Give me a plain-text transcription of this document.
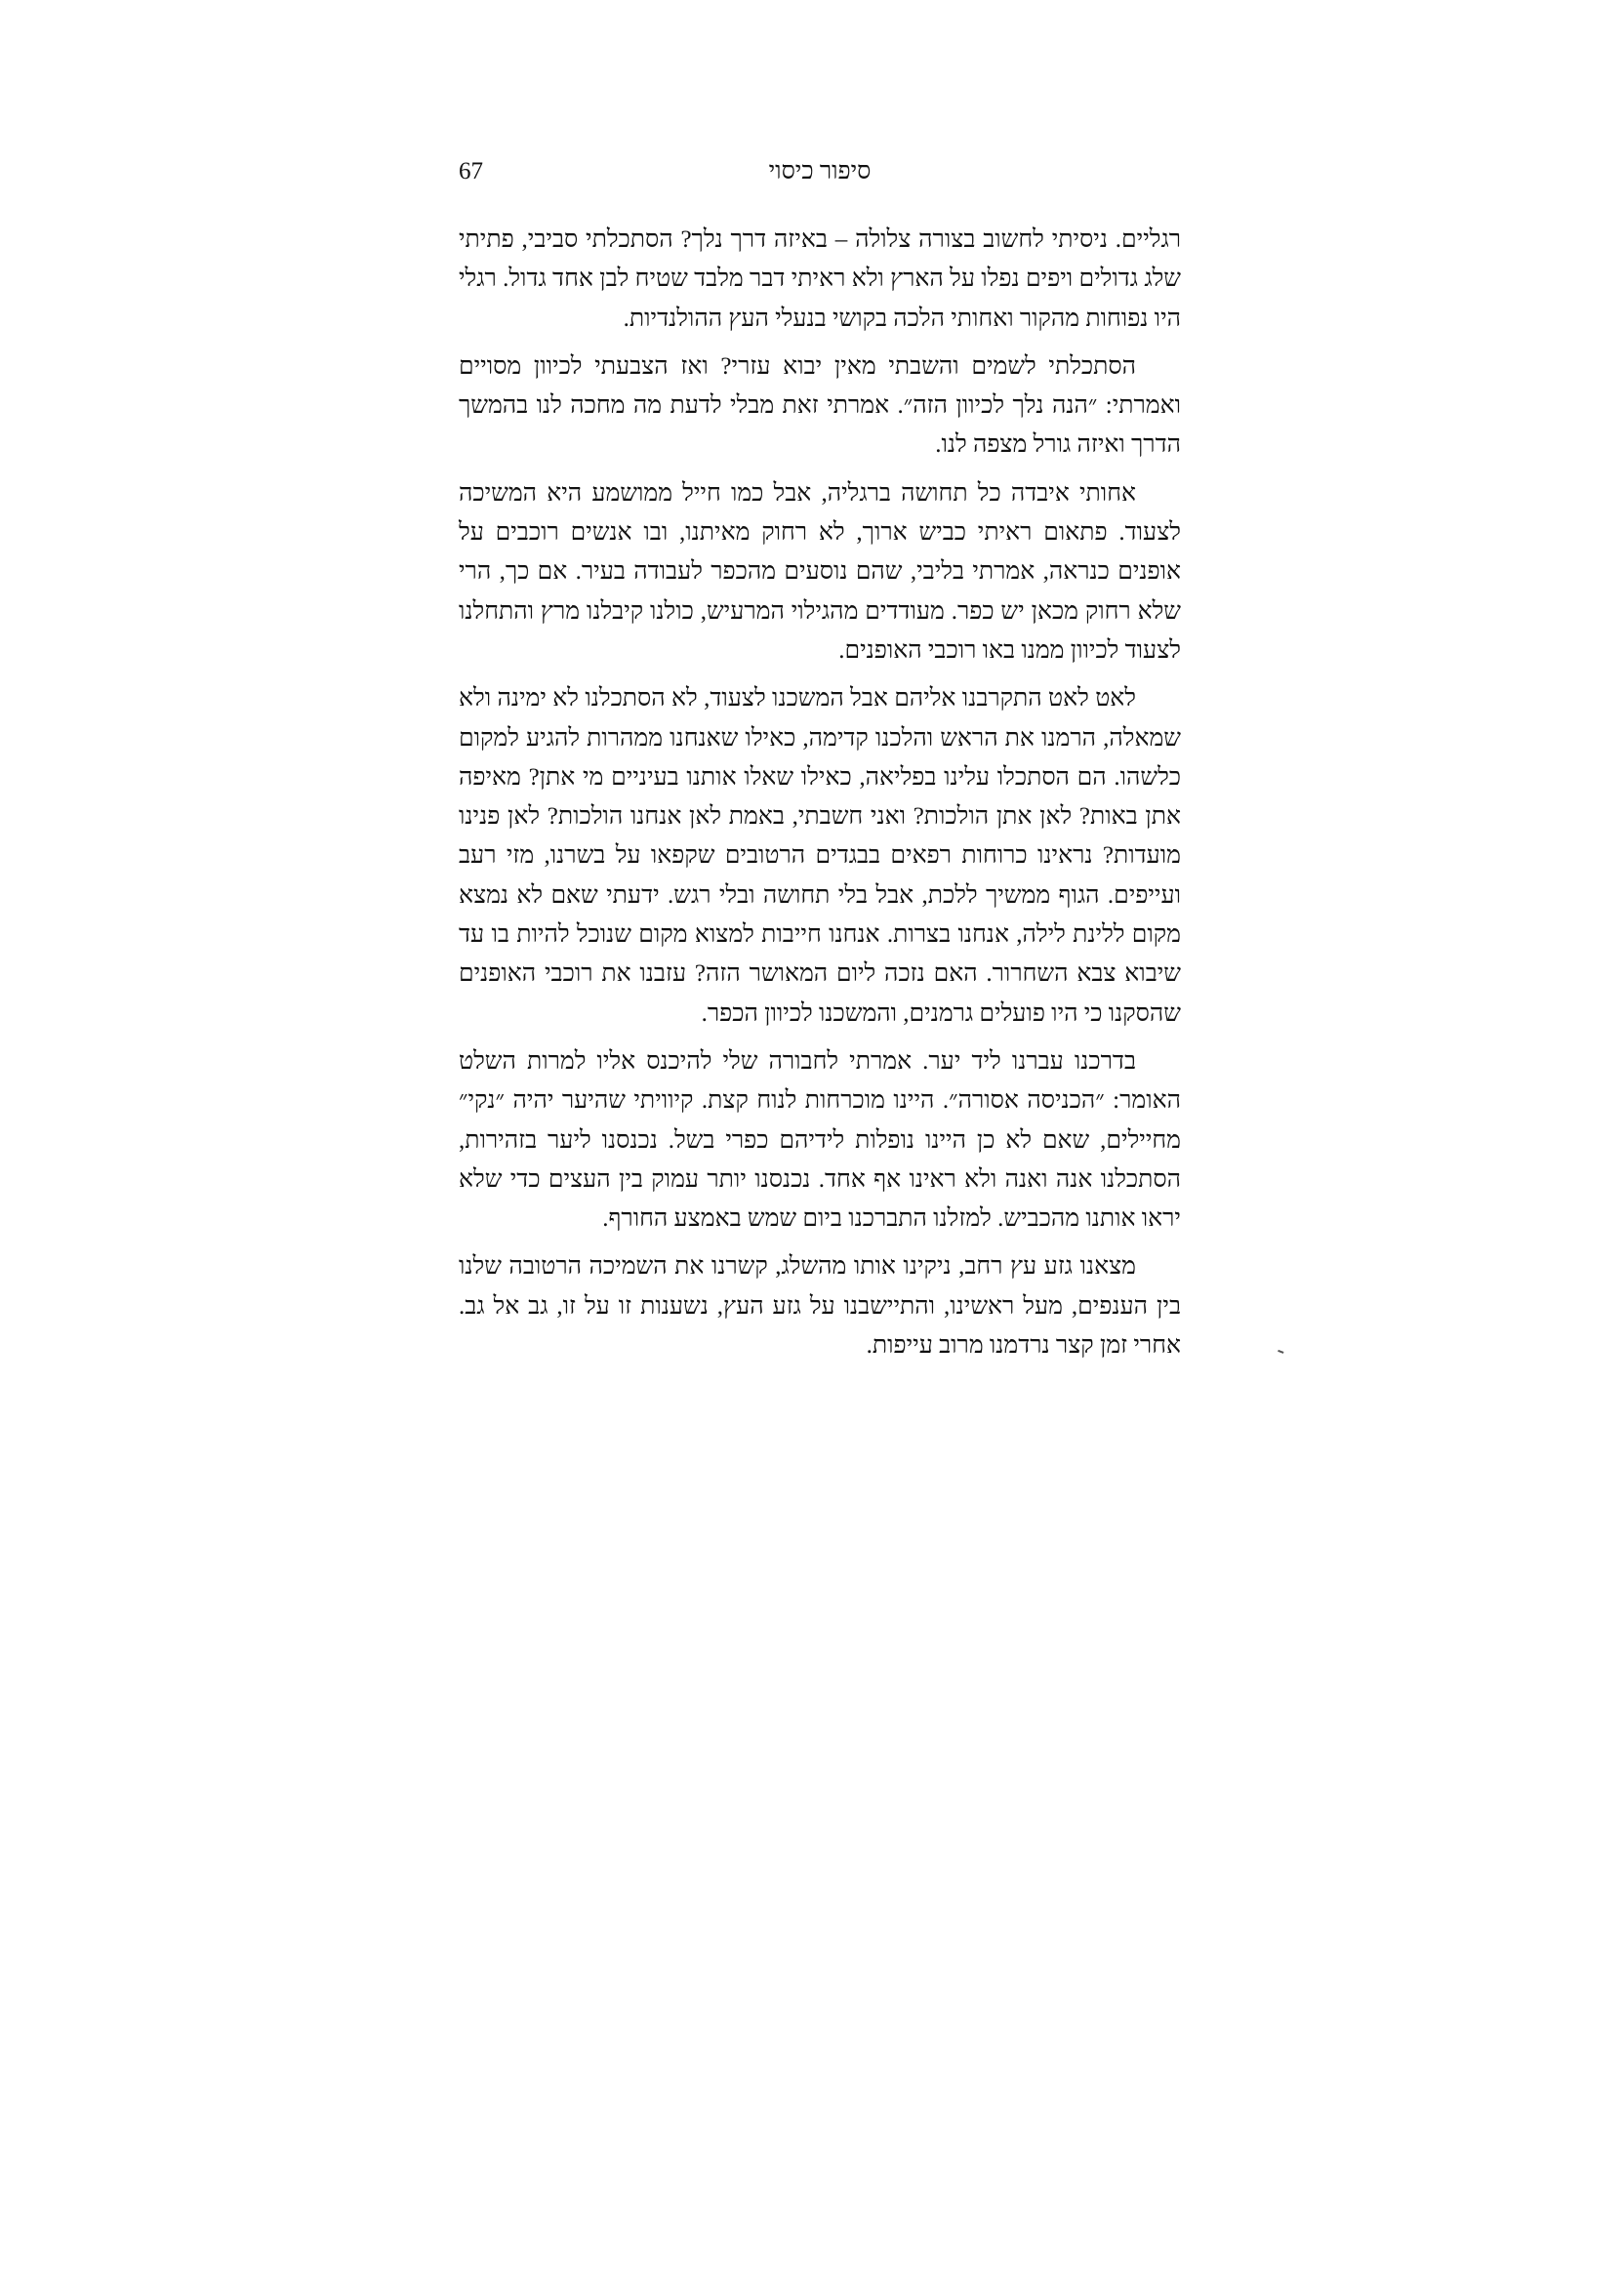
67	סיפור כיסוי

רגליים. ניסיתי לחשוב בצורה צלולה – באיזה דרך נלך? הסתכלתי סביבי, פתיתי שלג גדולים ויפים נפלו על הארץ ולא ראיתי דבר מלבד שטיח לבן אחד גדול. רגלי היו נפוחות מהקור ואחותי הלכה בקושי בנעלי העץ ההולנדיות.

הסתכלתי לשמים והשבתי מאין יבוא עזרי? ואז הצבעתי לכיוון מסויים ואמרתי: ״הנה נלך לכיוון הזה״. אמרתי זאת מבלי לדעת מה מחכה לנו בהמשך הדרך ואיזה גורל מצפה לנו.

אחותי איבדה כל תחושה ברגליה, אבל כמו חייל ממושמע היא המשיכה לצעוד. פתאום ראיתי כביש ארוך, לא רחוק מאיתנו, ובו אנשים רוכבים על אופנים כנראה, אמרתי בליבי, שהם נוסעים מהכפר לעבודה בעיר. אם כך, הרי שלא רחוק מכאן יש כפר. מעודדים מהגילוי המרעיש, כולנו קיבלנו מרץ והתחלנו לצעוד לכיוון ממנו באו רוכבי האופנים.

לאט לאט התקרבנו אליהם אבל המשכנו לצעוד, לא הסתכלנו לא ימינה ולא שמאלה, הרמנו את הראש והלכנו קדימה, כאילו שאנחנו ממהרות להגיע למקום כלשהו. הם הסתכלו עלינו בפליאה, כאילו שאלו אותנו בעיניים מי אתן? מאיפה אתן באות? לאן אתן הולכות? ואני חשבתי, באמת לאן אנחנו הולכות? לאן פנינו מועדות? נראינו כרוחות רפאים בבגדים הרטובים שקפאו על בשרנו, מזי רעב ועייפים. הגוף ממשיך ללכת, אבל בלי תחושה ובלי רגש. ידעתי שאם לא נמצא מקום ללינת לילה, אנחנו בצרות. אנחנו חייבות למצוא מקום שנוכל להיות בו עד שיבוא צבא השחרור. האם נזכה ליום המאושר הזה? עזבנו את רוכבי האופנים שהסקנו כי היו פועלים גרמנים, והמשכנו לכיוון הכפר.

בדרכנו עברנו ליד יער. אמרתי לחבורה שלי להיכנס אליו למרות השלט האומר: ״הכניסה אסורה״. היינו מוכרחות לנוח קצת. קיוויתי שהיער יהיה ״נקי״ מחיילים, שאם לא כן היינו נופלות לידיהם כפרי בשל. נכנסנו ליער בזהירות, הסתכלנו אנה ואנה ולא ראינו אף אחד. נכנסנו יותר עמוק בין העצים כדי שלא יראו אותנו מהכביש. למזלנו התברכנו ביום שמש באמצע החורף.

מצאנו גזע עץ רחב, ניקינו אותו מהשלג, קשרנו את השמיכה הרטובה שלנו בין הענפים, מעל ראשינו, והתיישבנו על גזע העץ, נשענות זו על זו, גב אל גב. אחרי זמן קצר נרדמנו מרוב עייפות.
